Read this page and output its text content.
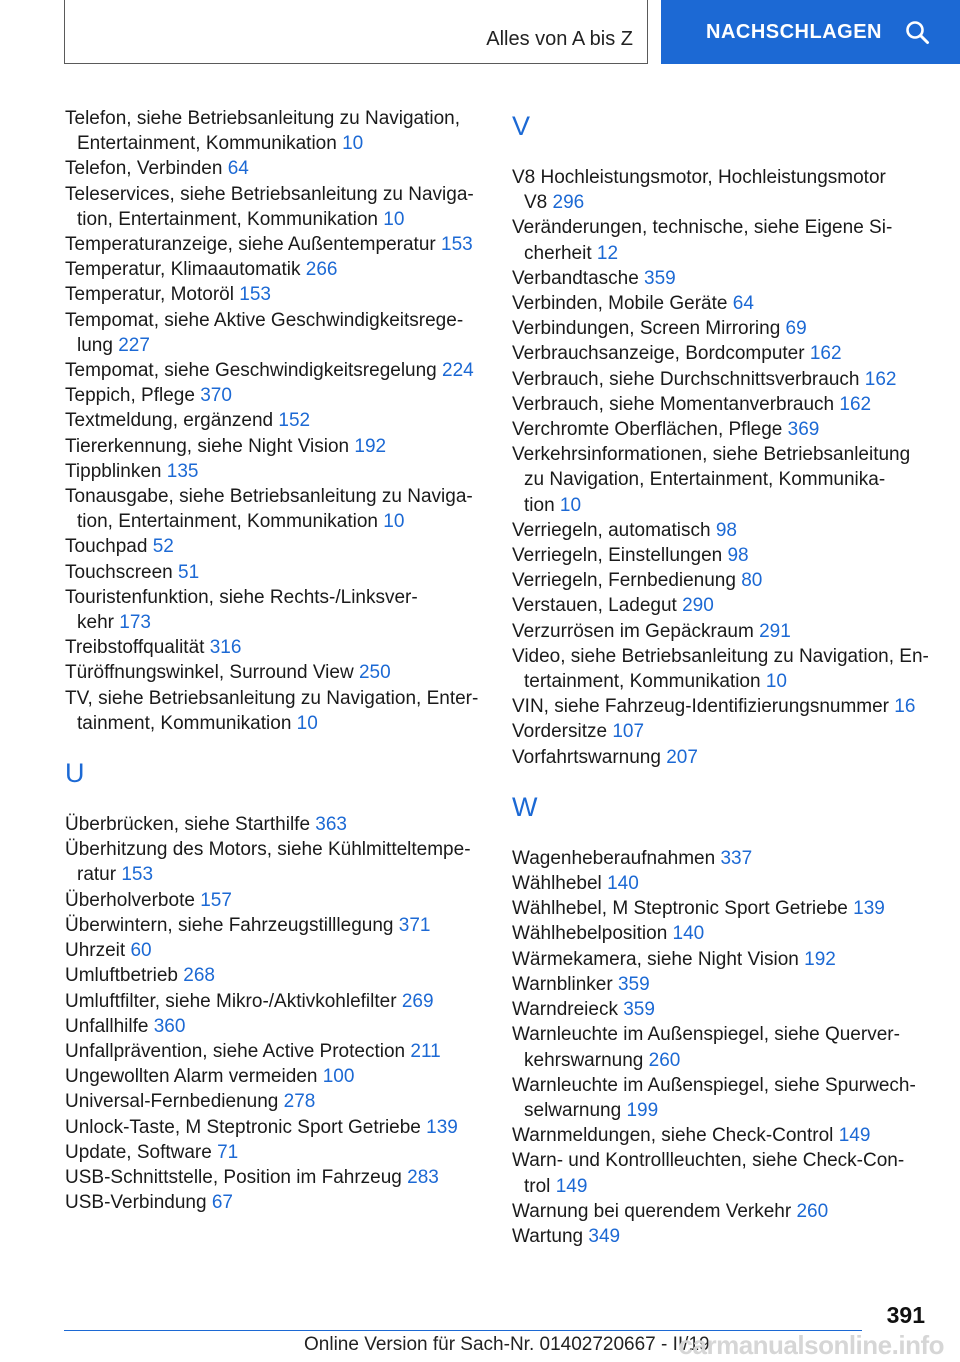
Alles von A bis Z	NACHSCHLAGEN

Telefon, siehe Betriebsanleitung zu Navigation, Entertainment, Kommunikation 10

Telefon, Verbinden 64

Teleservices, siehe Betriebsanleitung zu Navigation, Entertainment, Kommunikation 10

Temperaturanzeige, siehe Außentemperatur 153

Temperatur, Klimaautomatik 266

Temperatur, Motoröl 153

Tempomat, siehe Aktive Geschwindigkeitsregelung 227

Tempomat, siehe Geschwindigkeitsregelung 224

Teppich, Pflege 370

Textmeldung, ergänzend 152

Tiererkennung, siehe Night Vision 192

Tippblinken 135

Tonausgabe, siehe Betriebsanleitung zu Navigation, Entertainment, Kommunikation 10

Touchpad 52

Touchscreen 51

Touristenfunktion, siehe Rechts-/Linksverkehr 173

Treibstoffqualität 316

Türöffnungswinkel, Surround View 250

TV, siehe Betriebsanleitung zu Navigation, Entertainment, Kommunikation 10

U

Überbrücken, siehe Starthilfe 363

Überhitzung des Motors, siehe Kühlmitteltemperatur 153

Überholverbote 157

Überwintern, siehe Fahrzeugstilllegung 371

Uhrzeit 60

Umluftbetrieb 268

Umluftfilter, siehe Mikro-/Aktivkohlefilter 269

Unfallhilfe 360

Unfallprävention, siehe Active Protection 211

Ungewollten Alarm vermeiden 100

Universal-Fernbedienung 278

Unlock-Taste, M Steptronic Sport Getriebe 139

Update, Software 71

USB-Schnittstelle, Position im Fahrzeug 283

USB-Verbindung 67

V

V8 Hochleistungsmotor, Hochleistungsmotor V8 296

Veränderungen, technische, siehe Eigene Sicherheit 12

Verbandtasche 359

Verbinden, Mobile Geräte 64

Verbindungen, Screen Mirroring 69

Verbrauchsanzeige, Bordcomputer 162

Verbrauch, siehe Durchschnittsverbrauch 162

Verbrauch, siehe Momentanverbrauch 162

Verchromte Oberflächen, Pflege 369

Verkehrsinformationen, siehe Betriebsanleitung zu Navigation, Entertainment, Kommunikation 10

Verriegeln, automatisch 98

Verriegeln, Einstellungen 98

Verriegeln, Fernbedienung 80

Verstauen, Ladegut 290

Verzurrösen im Gepäckraum 291

Video, siehe Betriebsanleitung zu Navigation, Entertainment, Kommunikation 10

VIN, siehe Fahrzeug-Identifizierungsnummer 16

Vordersitze 107

Vorfahrtswarnung 207

W

Wagenheberaufnahmen 337

Wählhebel 140

Wählhebel, M Steptronic Sport Getriebe 139

Wählhebelposition 140

Wärmekamera, siehe Night Vision 192

Warnblinker 359

Warndreieck 359

Warnleuchte im Außenspiegel, siehe Querverkehrswarnung 260

Warnleuchte im Außenspiegel, siehe Spurwechselwarnung 199

Warnmeldungen, siehe Check-Control 149

Warn- und Kontrollleuchten, siehe Check-Control 149

Warnung bei querendem Verkehr 260

Wartung 349

391
Online Version für Sach-Nr. 01402720667 - II/19
carmanualsonline.info
